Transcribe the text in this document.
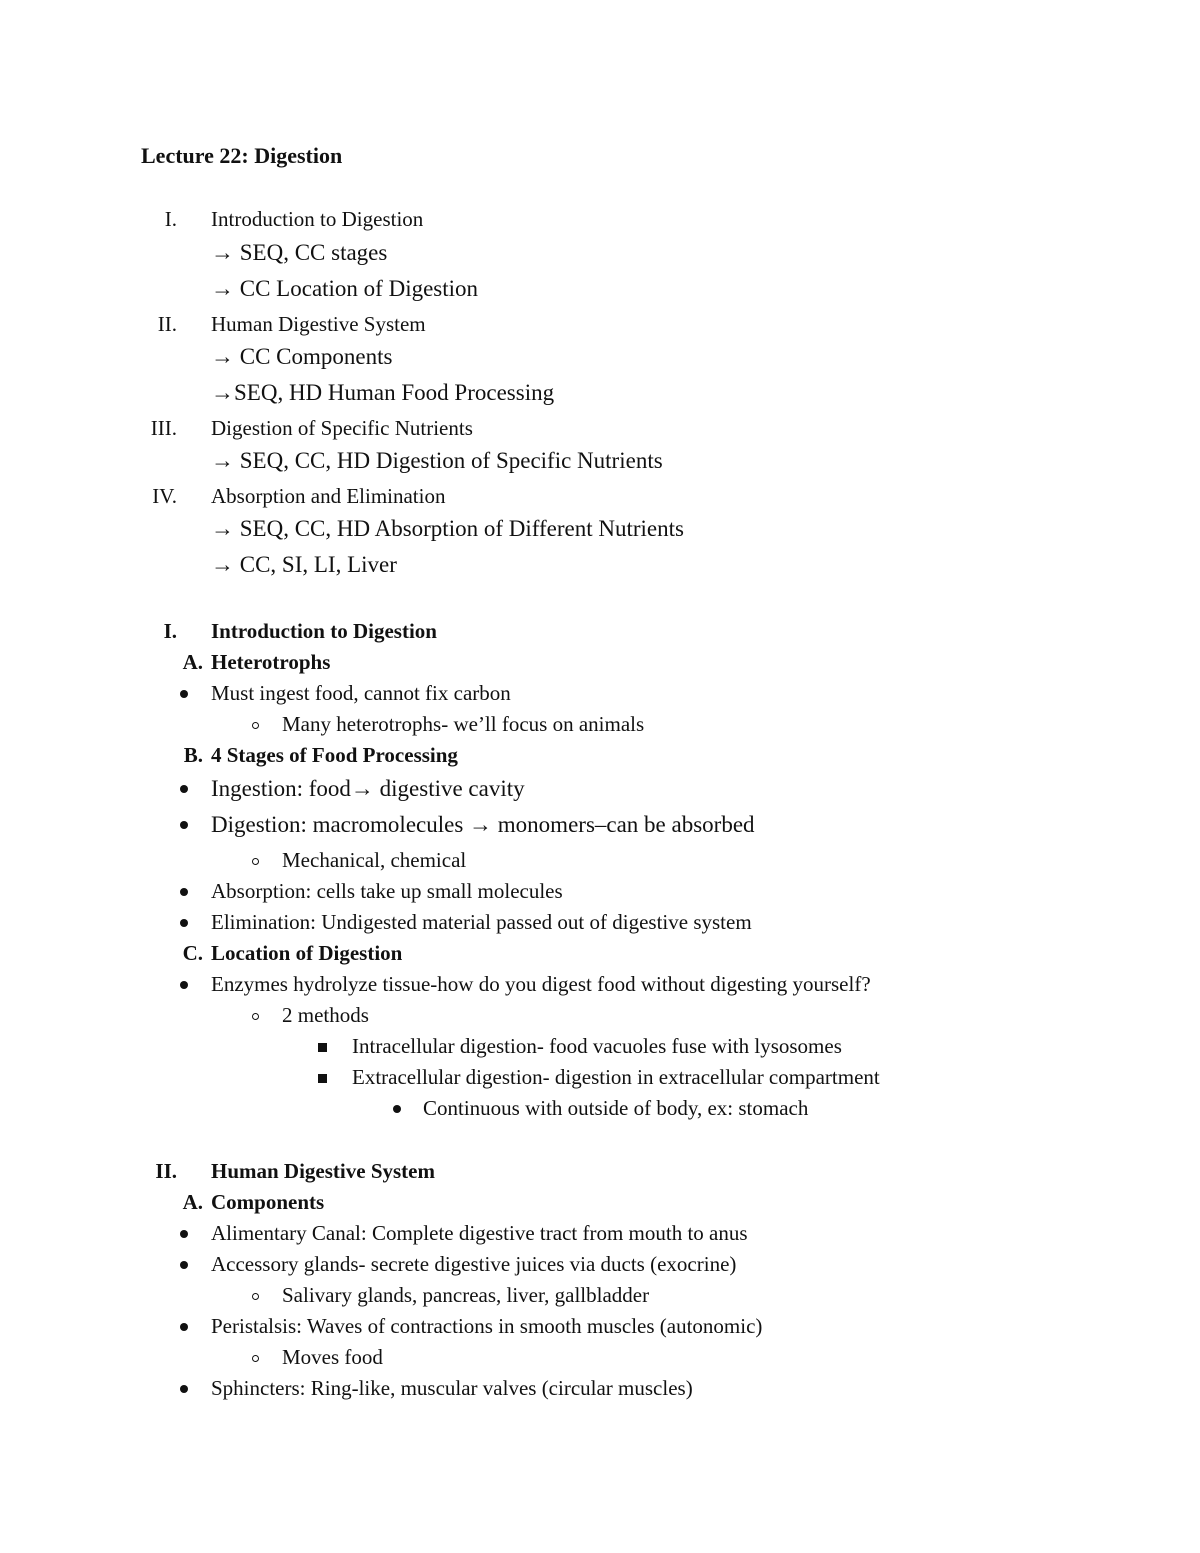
Lecture 22: Digestion
I. Introduction to Digestion
→ SEQ, CC stages
→ CC Location of Digestion
II. Human Digestive System
→ CC Components
→SEQ, HD Human Food Processing
III. Digestion of Specific Nutrients
→ SEQ, CC, HD Digestion of Specific Nutrients
IV. Absorption and Elimination
→ SEQ, CC, HD Absorption of Different Nutrients
→ CC, SI, LI, Liver
I. Introduction to Digestion
A. Heterotrophs
Must ingest food, cannot fix carbon
Many heterotrophs- we’ll focus on animals
B. 4 Stages of Food Processing
Ingestion: food→ digestive cavity
Digestion: macromolecules → monomers–can be absorbed
Mechanical, chemical
Absorption: cells take up small molecules
Elimination: Undigested material passed out of digestive system
C. Location of Digestion
Enzymes hydrolyze tissue-how do you digest food without digesting yourself?
2 methods
Intracellular digestion- food vacuoles fuse with lysosomes
Extracellular digestion- digestion in extracellular compartment
Continuous with outside of body, ex: stomach
II. Human Digestive System
A. Components
Alimentary Canal: Complete digestive tract from mouth to anus
Accessory glands- secrete digestive juices via ducts (exocrine)
Salivary glands, pancreas, liver, gallbladder
Peristalsis: Waves of contractions in smooth muscles (autonomic)
Moves food
Sphincters: Ring-like, muscular valves (circular muscles)
